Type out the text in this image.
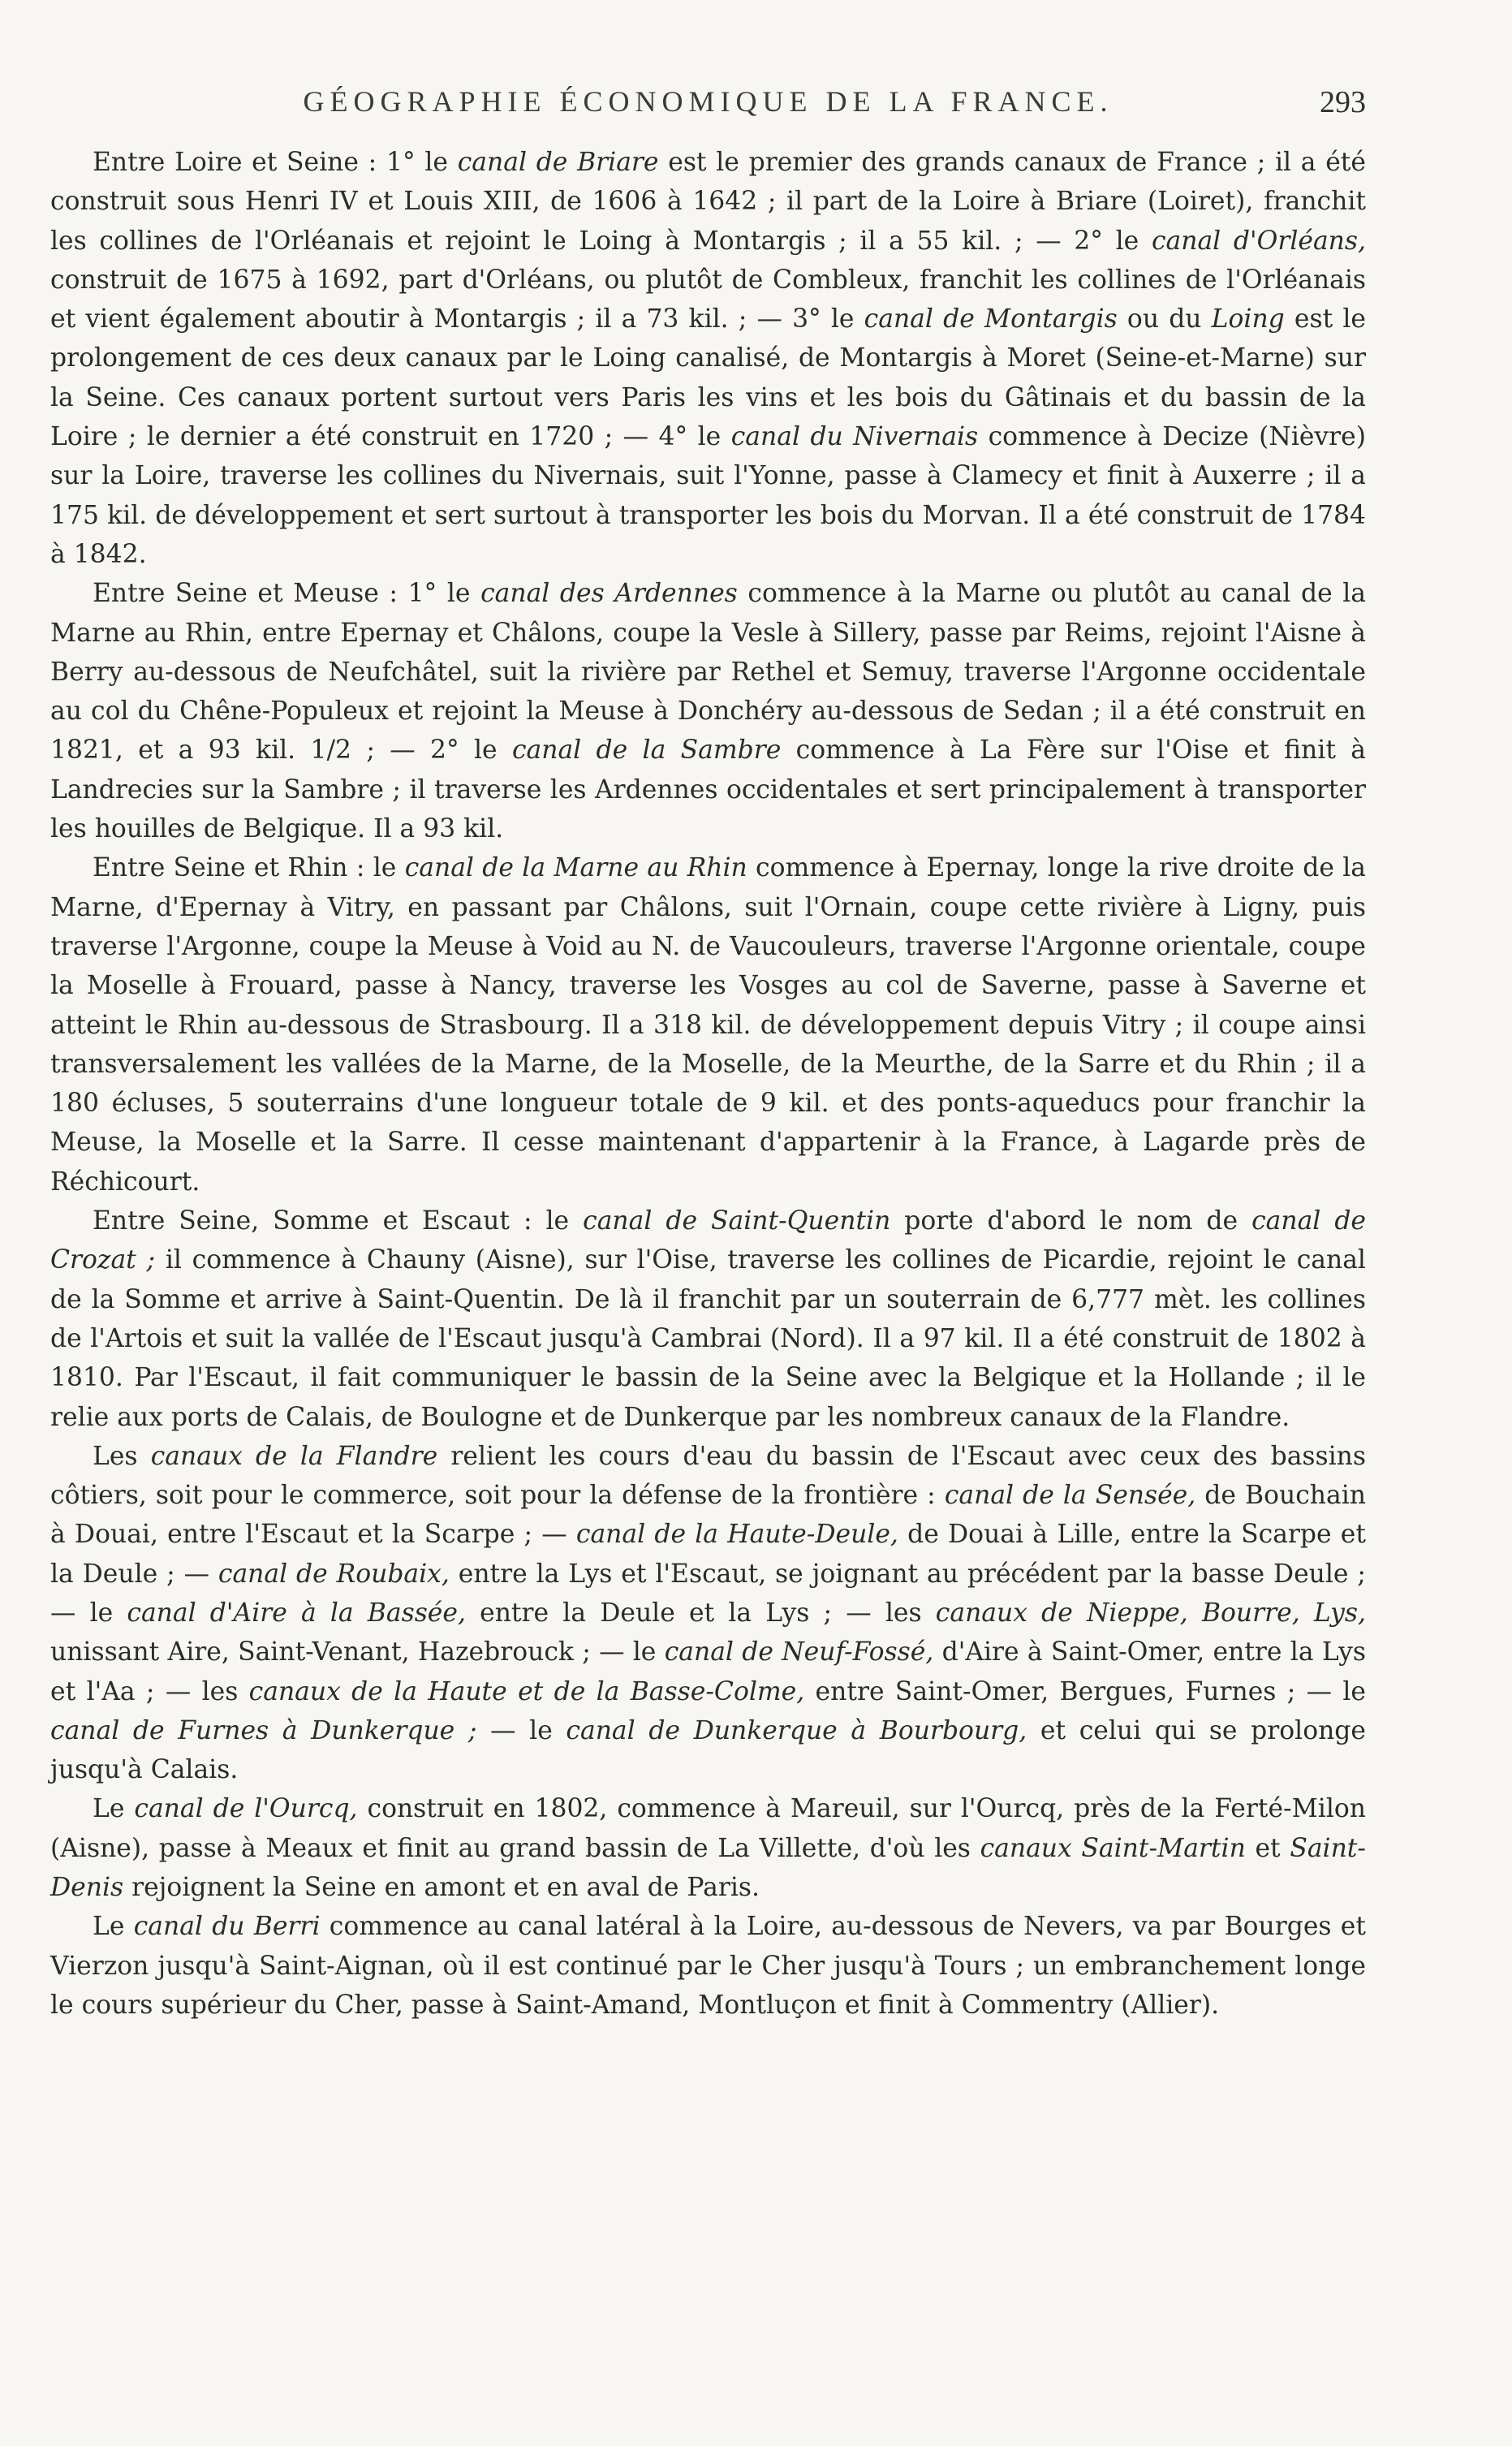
GÉOGRAPHIE ÉCONOMIQUE DE LA FRANCE.	293

Entre Loire et Seine : 1° le canal de Briare est le premier des grands canaux de France ; il a été construit sous Henri IV et Louis XIII, de 1606 à 1642 ; il part de la Loire à Briare (Loiret), franchit les collines de l'Orléanais et rejoint le Loing à Montargis ; il a 55 kil. ; — 2° le canal d'Orléans, construit de 1675 à 1692, part d'Orléans, ou plutôt de Combleux, franchit les collines de l'Orléanais et vient également aboutir à Montargis ; il a 73 kil. ; — 3° le canal de Montargis ou du Loing est le prolongement de ces deux canaux par le Loing canalisé, de Montargis à Moret (Seine-et-Marne) sur la Seine. Ces canaux portent surtout vers Paris les vins et les bois du Gâtinais et du bassin de la Loire ; le dernier a été construit en 1720 ; — 4° le canal du Nivernais commence à Decize (Nièvre) sur la Loire, traverse les collines du Nivernais, suit l'Yonne, passe à Clamecy et finit à Auxerre ; il a 175 kil. de développement et sert surtout à transporter les bois du Morvan. Il a été construit de 1784 à 1842.

Entre Seine et Meuse : 1° le canal des Ardennes commence à la Marne ou plutôt au canal de la Marne au Rhin, entre Epernay et Châlons, coupe la Vesle à Sillery, passe par Reims, rejoint l'Aisne à Berry au-dessous de Neufchâtel, suit la rivière par Rethel et Semuy, traverse l'Argonne occidentale au col du Chêne-Populeux et rejoint la Meuse à Donchéry au-dessous de Sedan ; il a été construit en 1821, et a 93 kil. 1/2 ; — 2° le canal de la Sambre commence à La Fère sur l'Oise et finit à Landrecies sur la Sambre ; il traverse les Ardennes occidentales et sert principalement à transporter les houilles de Belgique. Il a 93 kil.

Entre Seine et Rhin : le canal de la Marne au Rhin commence à Epernay, longe la rive droite de la Marne, d'Epernay à Vitry, en passant par Châlons, suit l'Ornain, coupe cette rivière à Ligny, puis traverse l'Argonne, coupe la Meuse à Void au N. de Vaucouleurs, traverse l'Argonne orientale, coupe la Moselle à Frouard, passe à Nancy, traverse les Vosges au col de Saverne, passe à Saverne et atteint le Rhin au-dessous de Strasbourg. Il a 318 kil. de développement depuis Vitry ; il coupe ainsi transversalement les vallées de la Marne, de la Moselle, de la Meurthe, de la Sarre et du Rhin ; il a 180 écluses, 5 souterrains d'une longueur totale de 9 kil. et des ponts-aqueducs pour franchir la Meuse, la Moselle et la Sarre. Il cesse maintenant d'appartenir à la France, à Lagarde près de Réchicourt.

Entre Seine, Somme et Escaut : le canal de Saint-Quentin porte d'abord le nom de canal de Crozat ; il commence à Chauny (Aisne), sur l'Oise, traverse les collines de Picardie, rejoint le canal de la Somme et arrive à Saint-Quentin. De là il franchit par un souterrain de 6,777 mèt. les collines de l'Artois et suit la vallée de l'Escaut jusqu'à Cambrai (Nord). Il a 97 kil. Il a été construit de 1802 à 1810. Par l'Escaut, il fait communiquer le bassin de la Seine avec la Belgique et la Hollande ; il le relie aux ports de Calais, de Boulogne et de Dunkerque par les nombreux canaux de la Flandre.

Les canaux de la Flandre relient les cours d'eau du bassin de l'Escaut avec ceux des bassins côtiers, soit pour le commerce, soit pour la défense de la frontière : canal de la Sensée, de Bouchain à Douai, entre l'Escaut et la Scarpe ; — canal de la Haute-Deule, de Douai à Lille, entre la Scarpe et la Deule ; — canal de Roubaix, entre la Lys et l'Escaut, se joignant au précédent par la basse Deule ; — le canal d'Aire à la Bassée, entre la Deule et la Lys ; — les canaux de Nieppe, Bourre, Lys, unissant Aire, Saint-Venant, Hazebrouck ; — le canal de Neuf-Fossé, d'Aire à Saint-Omer, entre la Lys et l'Aa ; — les canaux de la Haute et de la Basse-Colme, entre Saint-Omer, Bergues, Furnes ; — le canal de Furnes à Dunkerque ; — le canal de Dunkerque à Bourbourg, et celui qui se prolonge jusqu'à Calais.

Le canal de l'Ourcq, construit en 1802, commence à Mareuil, sur l'Ourcq, près de la Ferté-Milon (Aisne), passe à Meaux et finit au grand bassin de La Villette, d'où les canaux Saint-Martin et Saint-Denis rejoignent la Seine en amont et en aval de Paris.

Le canal du Berri commence au canal latéral à la Loire, au-dessous de Nevers, va par Bourges et Vierzon jusqu'à Saint-Aignan, où il est continué par le Cher jusqu'à Tours ; un embranchement longe le cours supérieur du Cher, passe à Saint-Amand, Montluçon et finit à Commentry (Allier).
